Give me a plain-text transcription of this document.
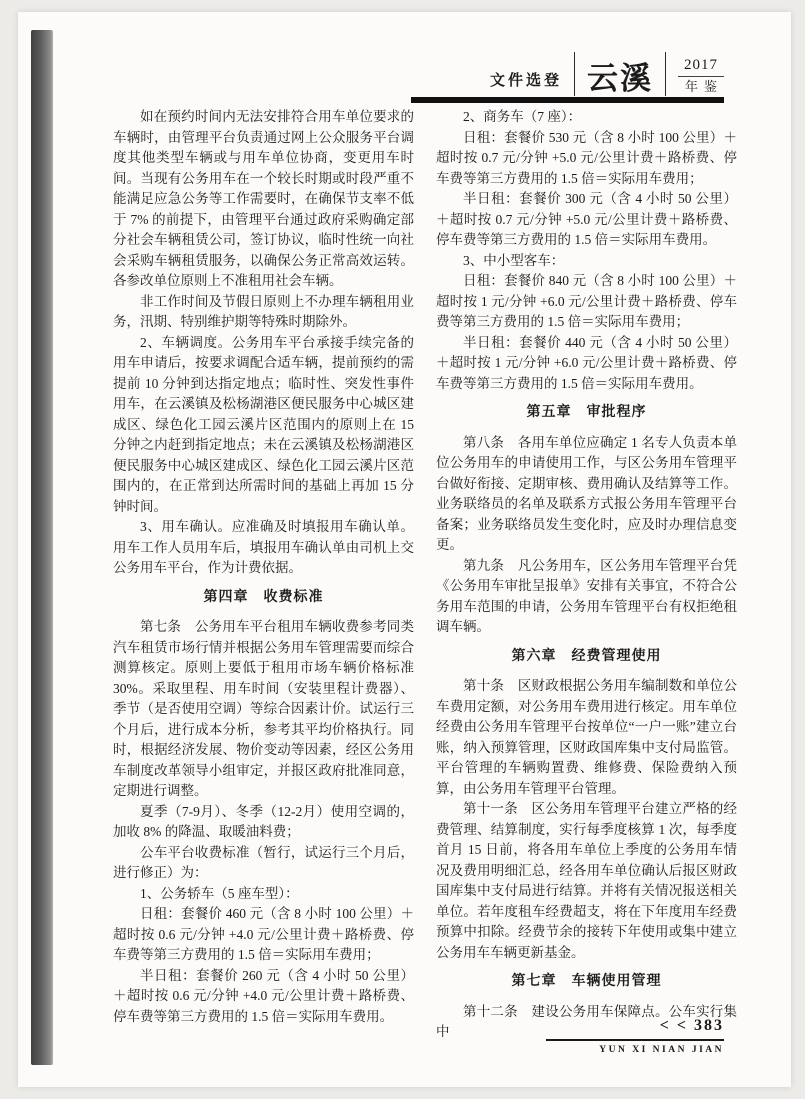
文件选登 云溪 2017
年鉴

如在预约时间内无法安排符合用车单位要求的车辆时，由管理平台负责通过网上公众服务平台调度其他类型车辆或与用车单位协商，变更用车时间。当现有公务用车在一个较长时期或时段严重不能满足应急公务等工作需要时，在确保节支率不低于 7% 的前提下，由管理平台通过政府采购确定部分社会车辆租赁公司，签订协议，临时性统一向社会采购车辆租赁服务，以确保公务正常高效运转。各参改单位原则上不准租用社会车辆。

非工作时间及节假日原则上不办理车辆租用业务，汛期、特别维护期等特殊时期除外。

2、车辆调度。公务用车平台承接手续完备的用车申请后，按要求调配合适车辆，提前预约的需提前 10 分钟到达指定地点；临时性、突发性事件用车，在云溪镇及松杨湖港区便民服务中心城区建成区、绿色化工园云溪片区范围内的原则上在 15 分钟之内赶到指定地点；未在云溪镇及松杨湖港区便民服务中心城区建成区、绿色化工园云溪片区范围内的，在正常到达所需时间的基础上再加 15 分钟时间。

3、用车确认。应准确及时填报用车确认单。用车工作人员用车后，填报用车确认单由司机上交公务用车平台，作为计费依据。

第四章　收费标准

第七条　公务用车平台租用车辆收费参考同类汽车租赁市场行情并根据公务用车管理需要而综合测算核定。原则上要低于租用市场车辆价格标准 30%。采取里程、用车时间（安装里程计费器）、季节（是否使用空调）等综合因素计价。试运行三个月后，进行成本分析，参考其平均价格执行。同时，根据经济发展、物价变动等因素，经区公务用车制度改革领导小组审定，并报区政府批准同意，定期进行调整。

夏季（7-9月）、冬季（12-2月）使用空调的，加收 8% 的降温、取暖油料费；

公车平台收费标准（暂行，试运行三个月后，进行修正）为：

1、公务轿车（5 座车型）：

日租：套餐价 460 元（含 8 小时 100 公里）＋超时按 0.6 元/分钟 +4.0 元/公里计费＋路桥费、停车费等第三方费用的 1.5 倍＝实际用车费用；

半日租：套餐价 260 元（含 4 小时 50 公里）＋超时按 0.6 元/分钟 +4.0 元/公里计费＋路桥费、停车费等第三方费用的 1.5 倍＝实际用车费用。

2、商务车（7 座）：

日租：套餐价 530 元（含 8 小时 100 公里）＋超时按 0.7 元/分钟 +5.0 元/公里计费＋路桥费、停车费等第三方费用的 1.5 倍＝实际用车费用；

半日租：套餐价 300 元（含 4 小时 50 公里）＋超时按 0.7 元/分钟 +5.0 元/公里计费＋路桥费、停车费等第三方费用的 1.5 倍＝实际用车费用。

3、中小型客车：

日租：套餐价 840 元（含 8 小时 100 公里）＋超时按 1 元/分钟 +6.0 元/公里计费＋路桥费、停车费等第三方费用的 1.5 倍＝实际用车费用；

半日租：套餐价 440 元（含 4 小时 50 公里）＋超时按 1 元/分钟 +6.0 元/公里计费＋路桥费、停车费等第三方费用的 1.5 倍＝实际用车费用。

第五章　审批程序

第八条　各用车单位应确定 1 名专人负责本单位公务用车的申请使用工作，与区公务用车管理平台做好衔接、定期审核、费用确认及结算等工作。业务联络员的名单及联系方式报公务用车管理平台备案；业务联络员发生变化时，应及时办理信息变更。

第九条　凡公务用车，区公务用车管理平台凭《公务用车审批呈报单》安排有关事宜，不符合公务用车范围的申请，公务用车管理平台有权拒绝租调车辆。

第六章　经费管理使用

第十条　区财政根据公务用车编制数和单位公车费用定额，对公务用车费用进行核定。用车单位经费由公务用车管理平台按单位“一户一账”建立台账，纳入预算管理，区财政国库集中支付局监管。平台管理的车辆购置费、维修费、保险费纳入预算，由公务用车管理平台管理。

第十一条　区公务用车管理平台建立严格的经费管理、结算制度，实行每季度核算 1 次，每季度首月 15 日前，将各用车单位上季度的公务用车情况及费用明细汇总，经各用车单位确认后报区财政国库集中支付局进行结算。并将有关情况报送相关单位。若年度租车经费超支，将在下年度用车经费预算中扣除。经费节余的接转下年使用或集中建立公务用车车辆更新基金。

第七章　车辆使用管理

第十二条　建设公务用车保障点。公车实行集中	< < 383
YUN XI NIAN JIAN
